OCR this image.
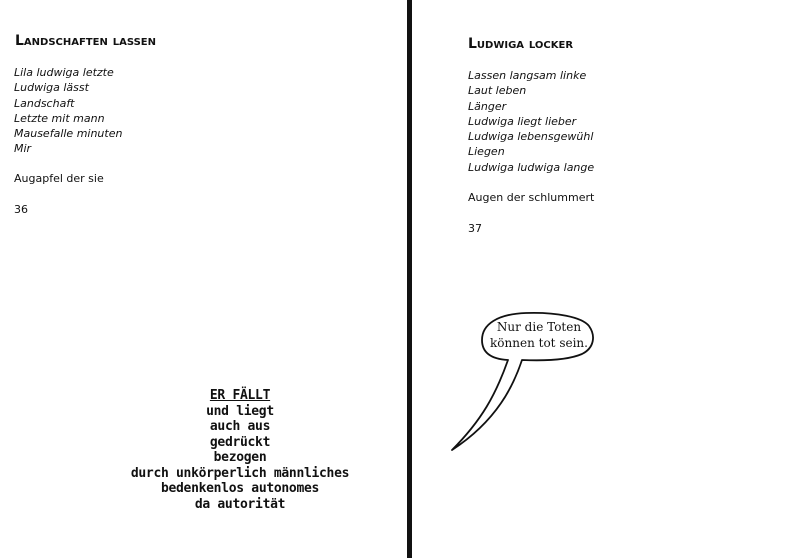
Landschaften lassen
Lila ludwiga letzte
Ludwiga lässt
Landschaft
Letzte mit mann
Mausefalle minuten
Mir

Augapfel der sie

36

ER FÄLLT
und liegt
auch aus
gedrückt
bezogen
durch unkörperlich männliches
bedenkenlos autonomes
da autorität
Ludwiga locker
Lassen langsam linke
Laut leben
Länger
Ludwiga liegt lieber
Ludwiga lebensgewühl
Liegen
Ludwiga ludwiga lange

Augen der schlummert

37

Nur die Toten
können tot sein.
